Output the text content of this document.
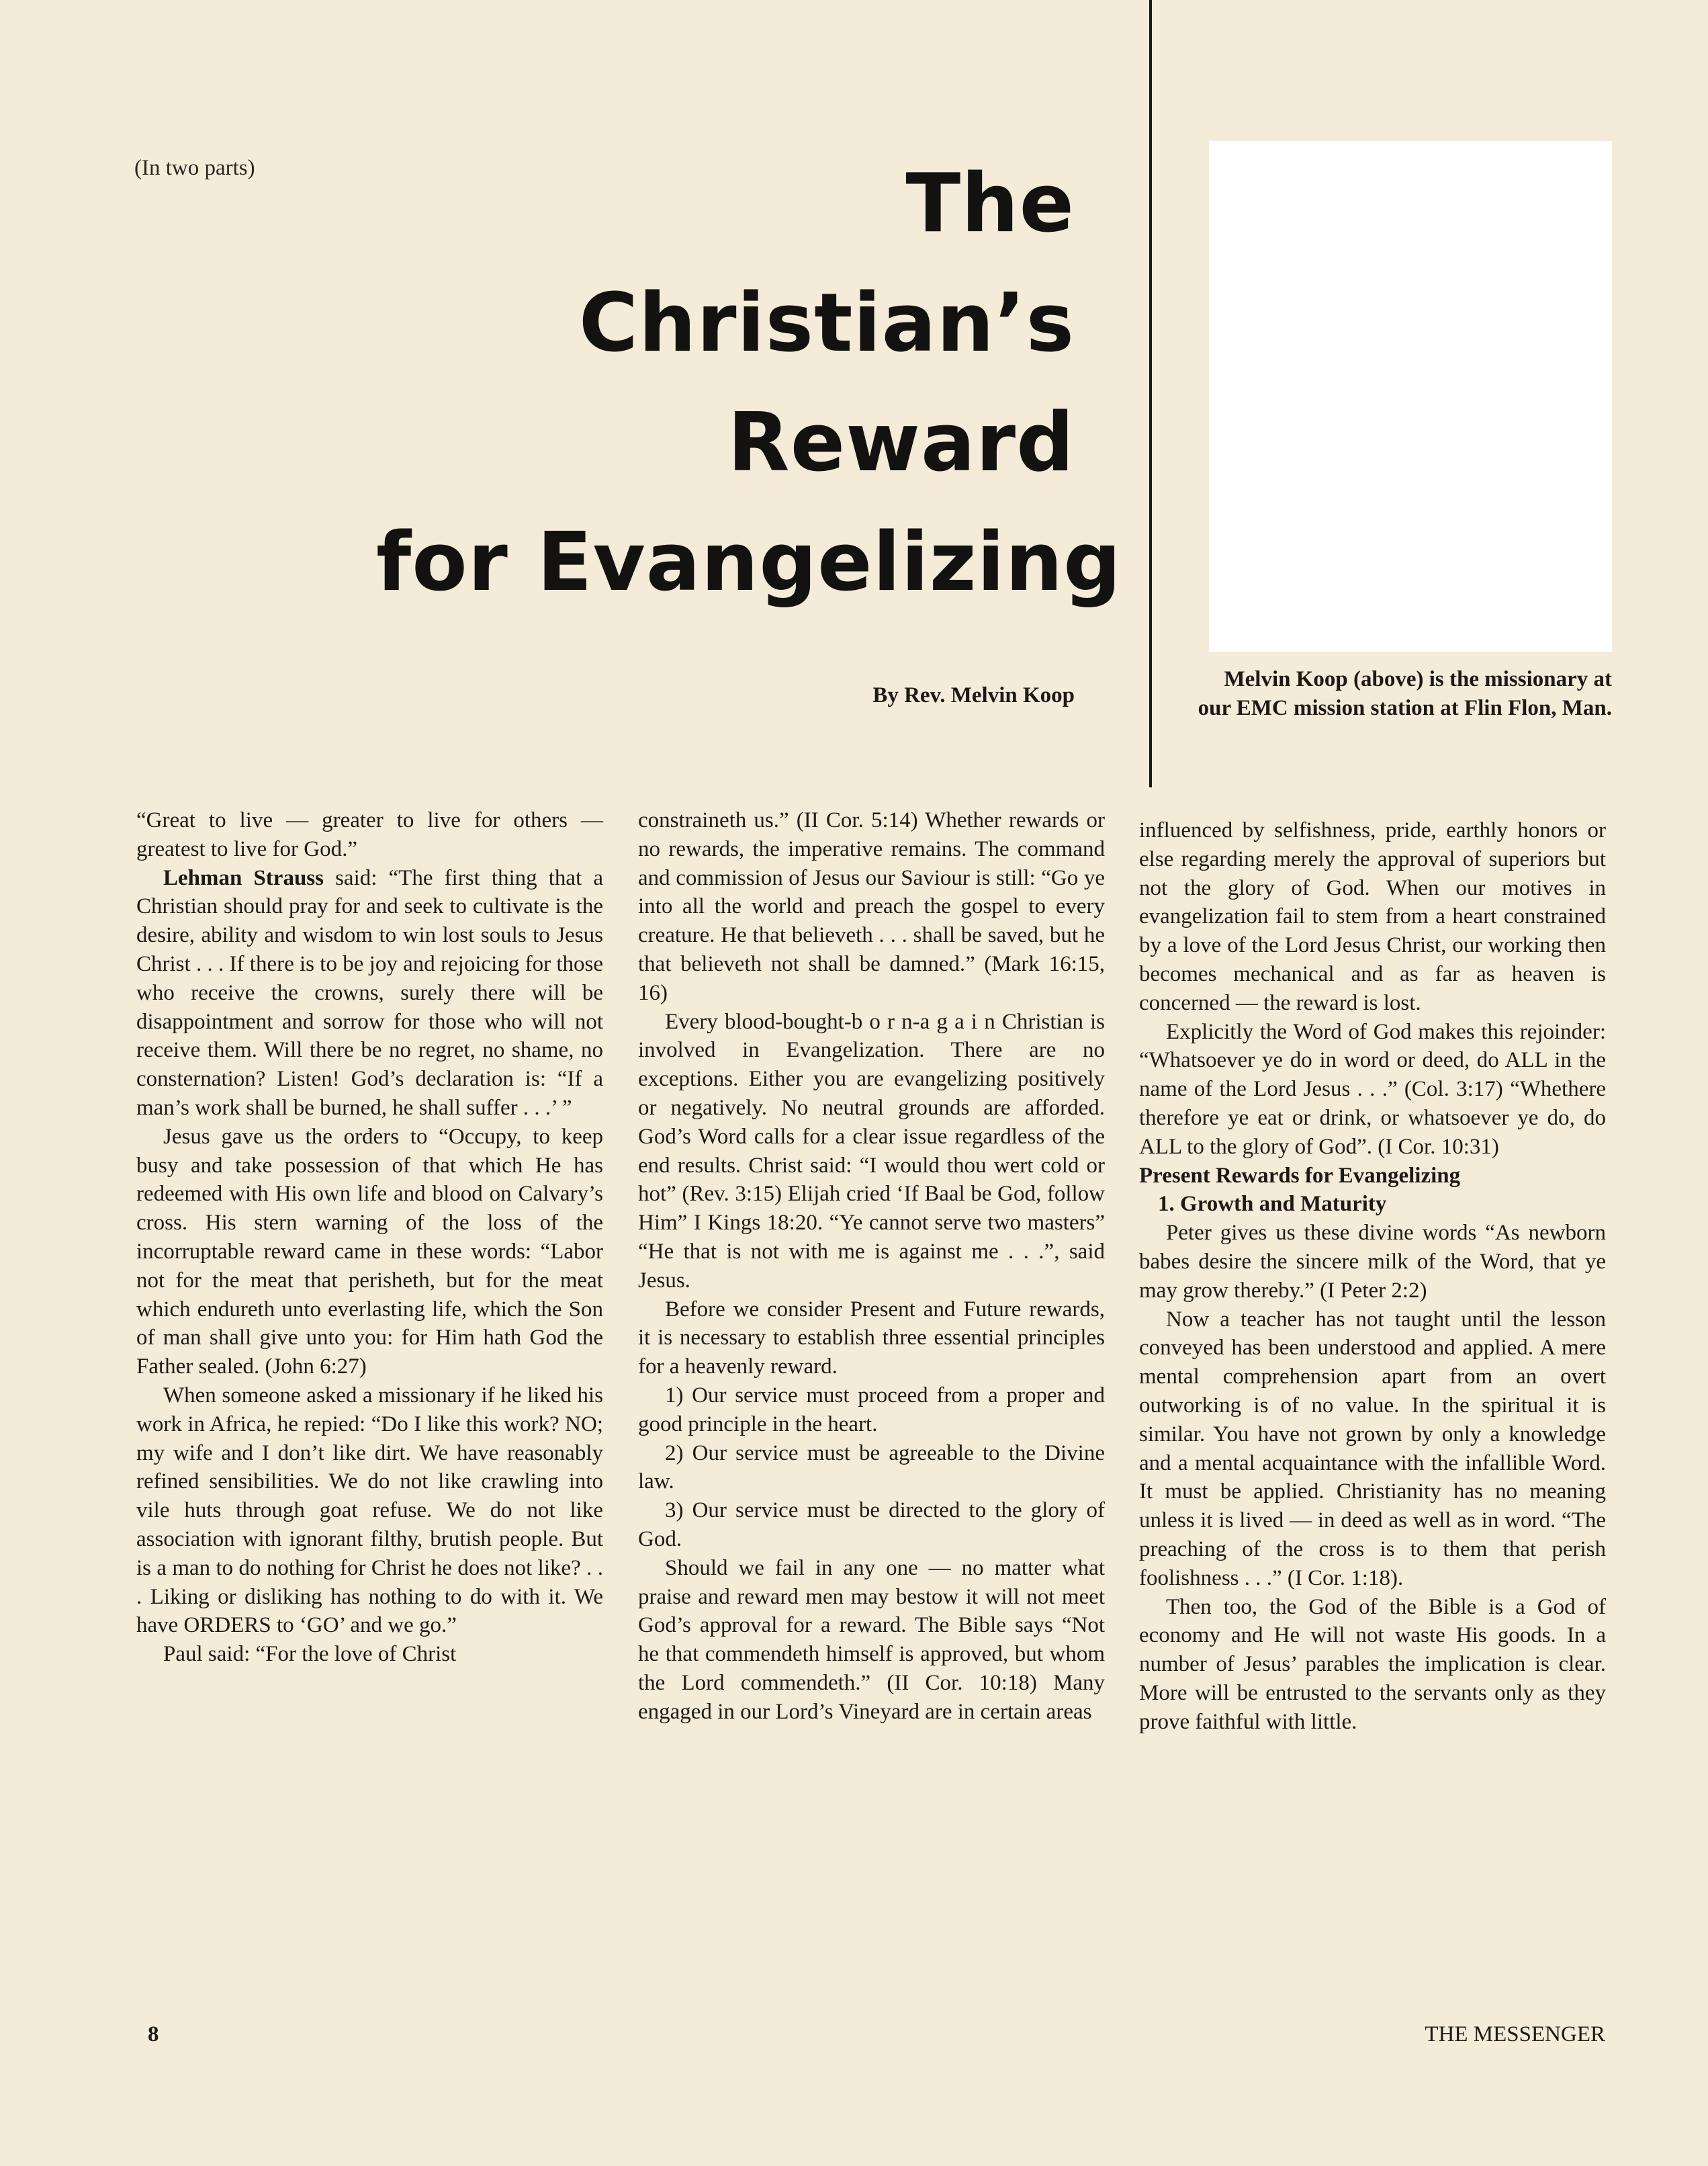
(In two parts)	The
Christian’s
Reward
for Evangelizing
By Rev. Melvin Koop
Melvin Koop (above) is the missionary at our EMC mission station at Flin Flon, Man.

“Great to live — greater to live for others — greatest to live for God.”

Lehman Strauss said: “The first thing that a Christian should pray for and seek to cultivate is the desire, ability and wisdom to win lost souls to Jesus Christ . . . If there is to be joy and rejoicing for those who receive the crowns, surely there will be disappointment and sorrow for those who will not receive them. Will there be no regret, no shame, no consternation? Listen! God’s declaration is: “If a man’s work shall be burned, he shall suffer . . .’ ”

Jesus gave us the orders to “Occupy, to keep busy and take possession of that which He has redeemed with His own life and blood on Calvary’s cross. His stern warning of the loss of the incorruptable reward came in these words: “Labor not for the meat that perisheth, but for the meat which endureth unto everlasting life, which the Son of man shall give unto you: for Him hath God the Father sealed. (John 6:27)

When someone asked a missionary if he liked his work in Africa, he repied: “Do I like this work? NO; my wife and I don’t like dirt. We have reasonably refined sensibilities. We do not like crawling into vile huts through goat refuse. We do not like association with ignorant filthy, brutish people. But is a man to do nothing for Christ he does not like? . . . Liking or disliking has nothing to do with it. We have ORDERS to ‘GO’ and we go.”

Paul said: “For the love of Christ

constraineth us.” (II Cor. 5:14) Whether rewards or no rewards, the imperative remains. The command and commission of Jesus our Saviour is still: “Go ye into all the world and preach the gospel to every creature. He that believeth . . . shall be saved, but he that believeth not shall be damned.” (Mark 16:15, 16)

Every blood-bought-b o r n-a g a i n Christian is involved in Evangelization. There are no exceptions. Either you are evangelizing positively or negatively. No neutral grounds are afforded. God’s Word calls for a clear issue regardless of the end results. Christ said: “I would thou wert cold or hot” (Rev. 3:15) Elijah cried ‘If Baal be God, follow Him” I Kings 18:20. “Ye cannot serve two masters” “He that is not with me is against me . . .”, said Jesus.

Before we consider Present and Future rewards, it is necessary to establish three essential principles for a heavenly reward.

1) Our service must proceed from a proper and good principle in the heart.

2) Our service must be agreeable to the Divine law.

3) Our service must be directed to the glory of God.

Should we fail in any one — no matter what praise and reward men may bestow it will not meet God’s approval for a reward. The Bible says “Not he that commendeth himself is approved, but whom the Lord commendeth.” (II Cor. 10:18) Many engaged in our Lord’s Vineyard are in certain areas

influenced by selfishness, pride, earthly honors or else regarding merely the approval of superiors but not the glory of God. When our motives in evangelization fail to stem from a heart constrained by a love of the Lord Jesus Christ, our working then becomes mechanical and as far as heaven is concerned — the reward is lost.

Explicitly the Word of God makes this rejoinder: “Whatsoever ye do in word or deed, do ALL in the name of the Lord Jesus . . .” (Col. 3:17) “Whethere therefore ye eat or drink, or whatsoever ye do, do ALL to the glory of God”. (I Cor. 10:31)

Present Rewards for Evangelizing

1. Growth and Maturity

Peter gives us these divine words “As newborn babes desire the sincere milk of the Word, that ye may grow thereby.” (I Peter 2:2)

Now a teacher has not taught until the lesson conveyed has been understood and applied. A mere mental comprehension apart from an overt outworking is of no value. In the spiritual it is similar. You have not grown by only a knowledge and a mental acquaintance with the infallible Word. It must be applied. Christianity has no meaning unless it is lived — in deed as well as in word. “The preaching of the cross is to them that perish foolishness . . .” (I Cor. 1:18).

Then too, the God of the Bible is a God of economy and He will not waste His goods. In a number of Jesus’ parables the implication is clear. More will be entrusted to the servants only as they prove faithful with little.

8	THE MESSENGER
